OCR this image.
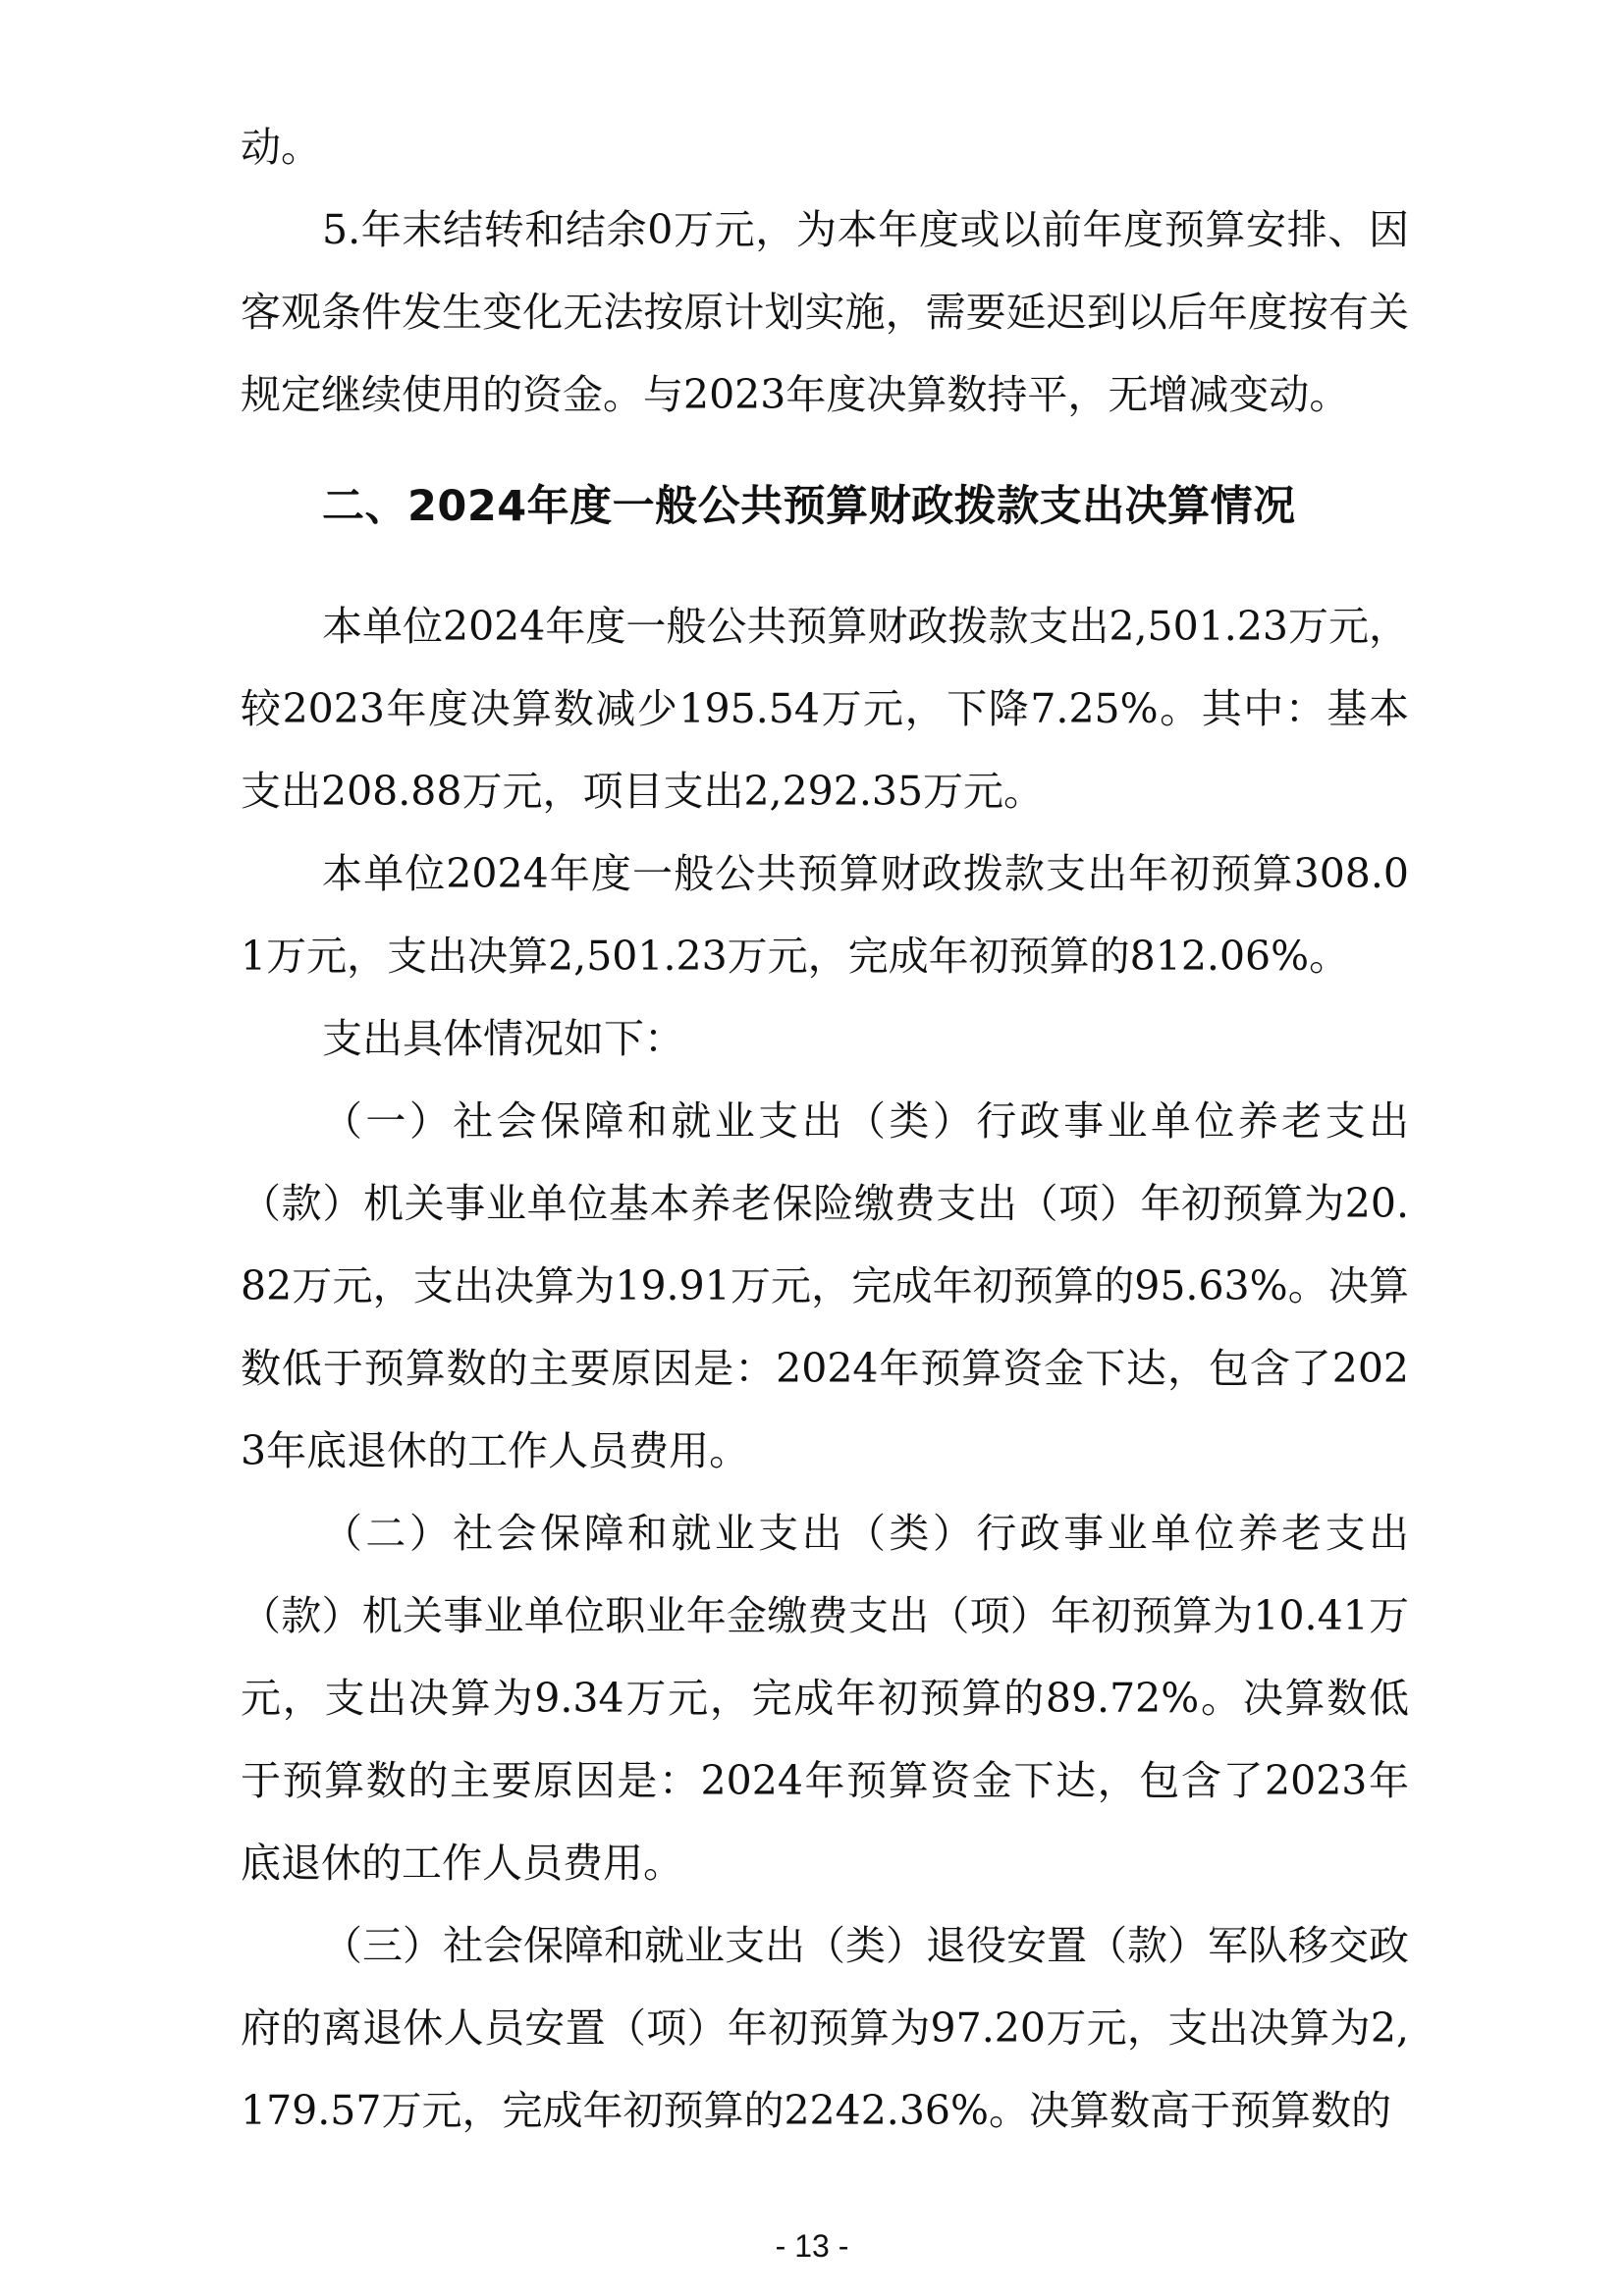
动。

5.年末结转和结余0万元，为本年度或以前年度预算安排、因客观条件发生变化无法按原计划实施，需要延迟到以后年度按有关规定继续使用的资金。与2023年度决算数持平，无增减变动。

二、2024年度一般公共预算财政拨款支出决算情况

本单位2024年度一般公共预算财政拨款支出2,501.23万元，较2023年度决算数减少195.54万元，下降7.25%。其中：基本支出208.88万元，项目支出2,292.35万元。

本单位2024年度一般公共预算财政拨款支出年初预算308.01万元，支出决算2,501.23万元，完成年初预算的812.06%。

支出具体情况如下：

（一）社会保障和就业支出（类）行政事业单位养老支出（款）机关事业单位基本养老保险缴费支出（项）年初预算为20.82万元，支出决算为19.91万元，完成年初预算的95.63%。决算数低于预算数的主要原因是：2024年预算资金下达，包含了2023年底退休的工作人员费用。

（二）社会保障和就业支出（类）行政事业单位养老支出（款）机关事业单位职业年金缴费支出（项）年初预算为10.41万元，支出决算为9.34万元，完成年初预算的89.72%。决算数低于预算数的主要原因是：2024年预算资金下达，包含了2023年底退休的工作人员费用。

（三）社会保障和就业支出（类）退役安置（款）军队移交政府的离退休人员安置（项）年初预算为97.20万元，支出决算为2,179.57万元，完成年初预算的2242.36%。决算数高于预算数的

- 13 -
